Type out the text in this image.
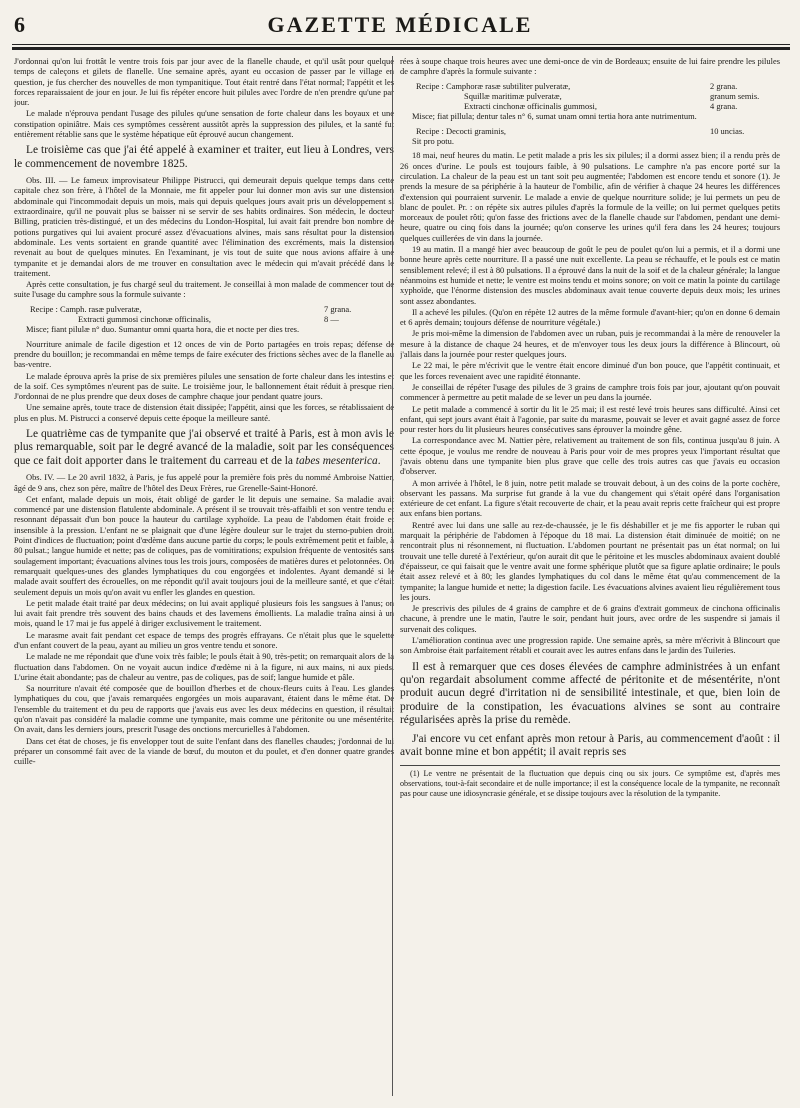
6	GAZETTE MÉDICALE

J'ordonnai qu'on lui frottât le ventre trois fois par jour avec de la flanelle chaude, et qu'il usât pour quelque temps de caleçons et gilets de flanelle. Une semaine après, ayant eu occasion de passer par le village en question, je fus chercher des nouvelles de mon tympanitique. Tout était rentré dans l'état normal; l'appétit et les forces reparaissaient de jour en jour. Je lui fis répéter encore huit pilules avec l'ordre de n'en prendre qu'une par jour.

Le malade n'éprouva pendant l'usage des pilules qu'une sensation de forte chaleur dans les boyaux et une constipation opiniâtre. Mais ces symptômes cessèrent aussitôt après la suppression des pilules, et la santé fut entièrement rétablie sans que le système hépatique eût éprouvé aucun changement.

Le troisième cas que j'ai été appelé à examiner et traiter, eut lieu à Londres, vers le commencement de novembre 1825.

Obs. III. — Le fameux improvisateur Philippe Pistrucci, qui demeurait depuis quelque temps dans cette capitale chez son frère, à l'hôtel de la Monnaie, me fit appeler pour lui donner mon avis sur une distension abdominale qui l'incommodait depuis un mois, mais qui depuis quelques jours avait pris un développement si extraordinaire, qu'il ne pouvait plus se baisser ni se servir de ses habits ordinaires. Son médecin, le docteur Billing, praticien très-distingué, et un des médecins du London-Hospital, lui avait fait prendre bon nombre de potions purgatives qui lui avaient procuré assez d'évacuations alvines, mais sans résultat pour la distension abdominale. Les vents sortaient en grande quantité avec l'élimination des excréments, mais la distension revenait au bout de quelques minutes. En l'examinant, je vis tout de suite que nous avions affaire à une tympanite et je demandai alors de me trouver en consultation avec le médecin qui m'avait précédé dans le traitement.

Après cette consultation, je fus chargé seul du traitement. Je conseillai à mon malade de commencer tout de suite l'usage du camphre sous la formule suivante :

Recipe : Camph. rasæ pulveratæ,	7 grana.
Extracti gummosi cinchonæ officinalis,	8 —

Misce; fiant pilulæ n° duo. Sumantur omni quarta hora, die et nocte per dies tres.

Nourriture animale de facile digestion et 12 onces de vin de Porto partagées en trois repas; défense de prendre du bouillon; je recommandai en même temps de faire exécuter des frictions sèches avec de la flanelle au bas-ventre.

Le malade éprouva après la prise de six premières pilules une sensation de forte chaleur dans les intestins et de la soif. Ces symptômes n'eurent pas de suite. Le troisième jour, le ballonnement était réduit à presque rien. J'ordonnai de ne plus prendre que deux doses de camphre chaque jour pendant quatre jours.

Une semaine après, toute trace de distension était dissipée; l'appétit, ainsi que les forces, se rétablissaient de plus en plus. M. Pistrucci a conservé depuis cette époque la meilleure santé.

Le quatrième cas de tympanite que j'ai observé et traité à Paris, est à mon avis le plus remarquable, soit par le degré avancé de la maladie, soit par les conséquences que ce fait doit apporter dans le traitement du carreau et de la tabes mesenterica.

Obs. IV. — Le 20 avril 1832, à Paris, je fus appelé pour la première fois près du nommé Ambroise Nattier, âgé de 9 ans, chez son père, maître de l'hôtel des Deux Frères, rue Grenelle-Saint-Honoré.

Cet enfant, malade depuis un mois, était obligé de garder le lit depuis une semaine. Sa maladie avait commencé par une distension flatulente abdominale. A présent il se trouvait très-affaibli et son ventre tendu et resonnant dépassait d'un bon pouce la hauteur du cartilage xyphoïde. La peau de l'abdomen était froide et insensible à la pression. L'enfant ne se plaignait que d'une légère douleur sur le trajet du sterno-pubien droit. Point d'indices de fluctuation; point d'œdème dans aucune partie du corps; le pouls extrêmement petit et faible, à 80 pulsat.; langue humide et nette; pas de coliques, pas de vomitirations; expulsion fréquente de ventosités sans soulagement important; évacuations alvines tous les trois jours, composées de matières dures et pelotonnées. On remarquait quelques-unes des glandes lymphatiques du cou engorgées et indolentes. Ayant demandé si le malade avait souffert des écrouelles, on me répondit qu'il avait toujours joui de la meilleure santé, et que c'était seulement depuis un mois qu'on avait vu enfler les glandes en question.

Le petit malade était traité par deux médecins; on lui avait appliqué plusieurs fois les sangsues à l'anus; on lui avait fait prendre très souvent des bains chauds et des lavemens émollients. La maladie traîna ainsi à un mois, quand le 17 mai je fus appelé à diriger exclusivement le traitement.

Le marasme avait fait pendant cet espace de temps des progrès effrayans. Ce n'était plus que le squelette d'un enfant couvert de la peau, ayant au milieu un gros ventre tendu et sonore.

Le malade ne me répondait que d'une voix très faible; le pouls était à 90, très-petit; on remarquait alors de la fluctuation dans l'abdomen. On ne voyait aucun indice d'œdème ni à la figure, ni aux mains, ni aux pieds. L'urine était abondante; pas de chaleur au ventre, pas de coliques, pas de soif; langue humide et pâle.

Sa nourriture n'avait été composée que de bouillon d'herbes et de choux-fleurs cuits à l'eau. Les glandes lymphatiques du cou, que j'avais remarquées engorgées un mois auparavant, étaient dans le même état. De l'ensemble du traitement et du peu de rapports que j'avais eus avec les deux médecins en question, il résultait qu'on n'avait pas considéré la maladie comme une tympanite, mais comme une péritonite ou une mésentérite. On avait, dans les derniers jours, prescrit l'usage des onctions mercurielles à l'abdomen.

Dans cet état de choses, je fis envelopper tout de suite l'enfant dans des flanelles chaudes; j'ordonnai de lui préparer un consommé fait avec de la viande de bœuf, du mouton et du poulet, et d'en donner quatre grandes cuille-

rées à soupe chaque trois heures avec une demi-once de vin de Bordeaux; ensuite de lui faire prendre les pilules de camphre d'après la formule suivante :

Recipe : Camphoræ rasæ subtiliter pulveratæ,	2 grana.
Squillæ maritimæ pulveratæ,	granum semis.
Extracti cinchonæ officinalis gummosi,	4 grana.

Misce; fiat pillula; dentur tales n° 6, sumat unam omni tertia hora ante nutrimentum.

Recipe : Decocti graminis,	10 uncias.

Sit pro potu.

18 mai, neuf heures du matin. Le petit malade a pris les six pilules; il a dormi assez bien; il a rendu près de 26 onces d'urine. Le pouls est toujours faible, à 90 pulsations. Le camphre n'a pas encore porté sur la circulation. La chaleur de la peau est un tant soit peu augmentée; l'abdomen est encore tendu et sonore (1). Je prends la mesure de sa périphérie à la hauteur de l'ombilic, afin de vérifier à chaque 24 heures les différences d'extension qui pourraient survenir. Le malade a envie de quelque nourriture solide; je lui permets un peu de blanc de poulet. Pr. : on répète six autres pilules d'après la formule de la veille; on lui permet quelques petits morceaux de poulet rôti; qu'on fasse des frictions avec de la flanelle chaude sur l'abdomen, pendant une demi-heure, quatre ou cinq fois dans la journée; qu'on conserve les urines qu'il fera dans les 24 heures; toujours quelques cuillerées de vin dans la journée.

19 au matin. Il a mangé hier avec beaucoup de goût le peu de poulet qu'on lui a permis, et il a dormi une bonne heure après cette nourriture. Il a passé une nuit excellente. La peau se réchauffe, et le pouls est ce matin sensiblement relevé; il est à 80 pulsations. Il a éprouvé dans la nuit de la soif et de la chaleur générale; la langue néanmoins est humide et nette; le ventre est moins tendu et moins sonore; on voit ce matin la pointe du cartilage xyphoïde, que l'énorme distension des muscles abdominaux avait tenue couverte depuis deux mois; les urines sont assez abondantes.

Il a achevé les pilules. (Qu'on en répète 12 autres de la même formule d'avant-hier; qu'on en donne 6 demain et 6 après demain; toujours défense de nourriture végétale.)

Je pris moi-même la dimension de l'abdomen avec un ruban, puis je recommandai à la mère de renouveler la mesure à la distance de chaque 24 heures, et de m'envoyer tous les deux jours la différence à Blincourt, où j'allais dans la journée pour rester quelques jours.

Le 22 mai, le père m'écrivit que le ventre était encore diminué d'un bon pouce, que l'appétit continuait, et que les forces revenaient avec une rapidité étonnante.

Je conseillai de répéter l'usage des pilules de 3 grains de camphre trois fois par jour, ajoutant qu'on pouvait commencer à permettre au petit malade de se lever un peu dans la journée.

Le petit malade a commencé à sortir du lit le 25 mai; il est resté levé trois heures sans difficulté. Ainsi cet enfant, qui sept jours avant était à l'agonie, par suite du marasme, pouvait se lever et avait gagné assez de force pour rester hors du lit plusieurs heures consécutives sans éprouver la moindre gêne.

La correspondance avec M. Nattier père, relativement au traitement de son fils, continua jusqu'au 8 juin. A cette époque, je voulus me rendre de nouveau à Paris pour voir de mes propres yeux l'important résultat que j'avais obtenu dans une tympanite bien plus grave que celle des trois autres cas que j'avais eu occasion d'observer.

A mon arrivée à l'hôtel, le 8 juin, notre petit malade se trouvait debout, à un des coins de la porte cochère, observant les passans. Ma surprise fut grande à la vue du changement qui s'était opéré dans l'organisation extérieure de cet enfant. La figure s'était recouverte de chair, et la peau avait repris cette fraîcheur qui est propre aux enfans bien portans.

Rentré avec lui dans une salle au rez-de-chaussée, je le fis déshabiller et je me fis apporter le ruban qui marquait la périphérie de l'abdomen à l'époque du 18 mai. La distension était diminuée de moitié; on ne rencontrait plus ni résonnement, ni fluctuation. L'abdomen pourtant ne présentait pas un état normal; on lui trouvait une telle dureté à l'extérieur, qu'on aurait dit que le péritoine et les muscles abdominaux avaient doublé d'épaisseur, ce qui faisait que le ventre avait une forme sphérique plutôt que sa figure aplatie ordinaire; le pouls était assez relevé et à 80; les glandes lymphatiques du col dans le même état qu'au commencement de la tympanite; la langue humide et nette; la digestion facile. Les évacuations alvines avaient lieu régulièrement tous les jours.

Je prescrivis des pilules de 4 grains de camphre et de 6 grains d'extrait gommeux de cinchona officinalis chacune, à prendre une le matin, l'autre le soir, pendant huit jours, avec ordre de les suspendre si jamais il survenait des coliques.

L'amélioration continua avec une progression rapide. Une semaine après, sa mère m'écrivit à Blincourt que son Ambroise était parfaitement rétabli et courait avec les autres enfans dans le jardin des Tuileries.

Il est à remarquer que ces doses élevées de camphre administrées à un enfant qu'on regardait absolument comme affecté de péritonite et de mésentérite, n'ont produit aucun degré d'irritation ni de sensibilité intestinale, et que, bien loin de produire de la constipation, les évacuations alvines se sont au contraire régularisées après la prise du remède.

J'ai encore vu cet enfant après mon retour à Paris, au commencement d'août : il avait bonne mine et bon appétit; il avait repris ses

(1) Le ventre ne présentait de la fluctuation que depuis cinq ou six jours. Ce symptôme est, d'après mes observations, tout-à-fait secondaire et de nulle importance; il est la conséquence locale de la tympanite, ne reconnaît pas pour cause une idiosyncrasie générale, et se dissipe toujours avec la résolution de la tympanite.
